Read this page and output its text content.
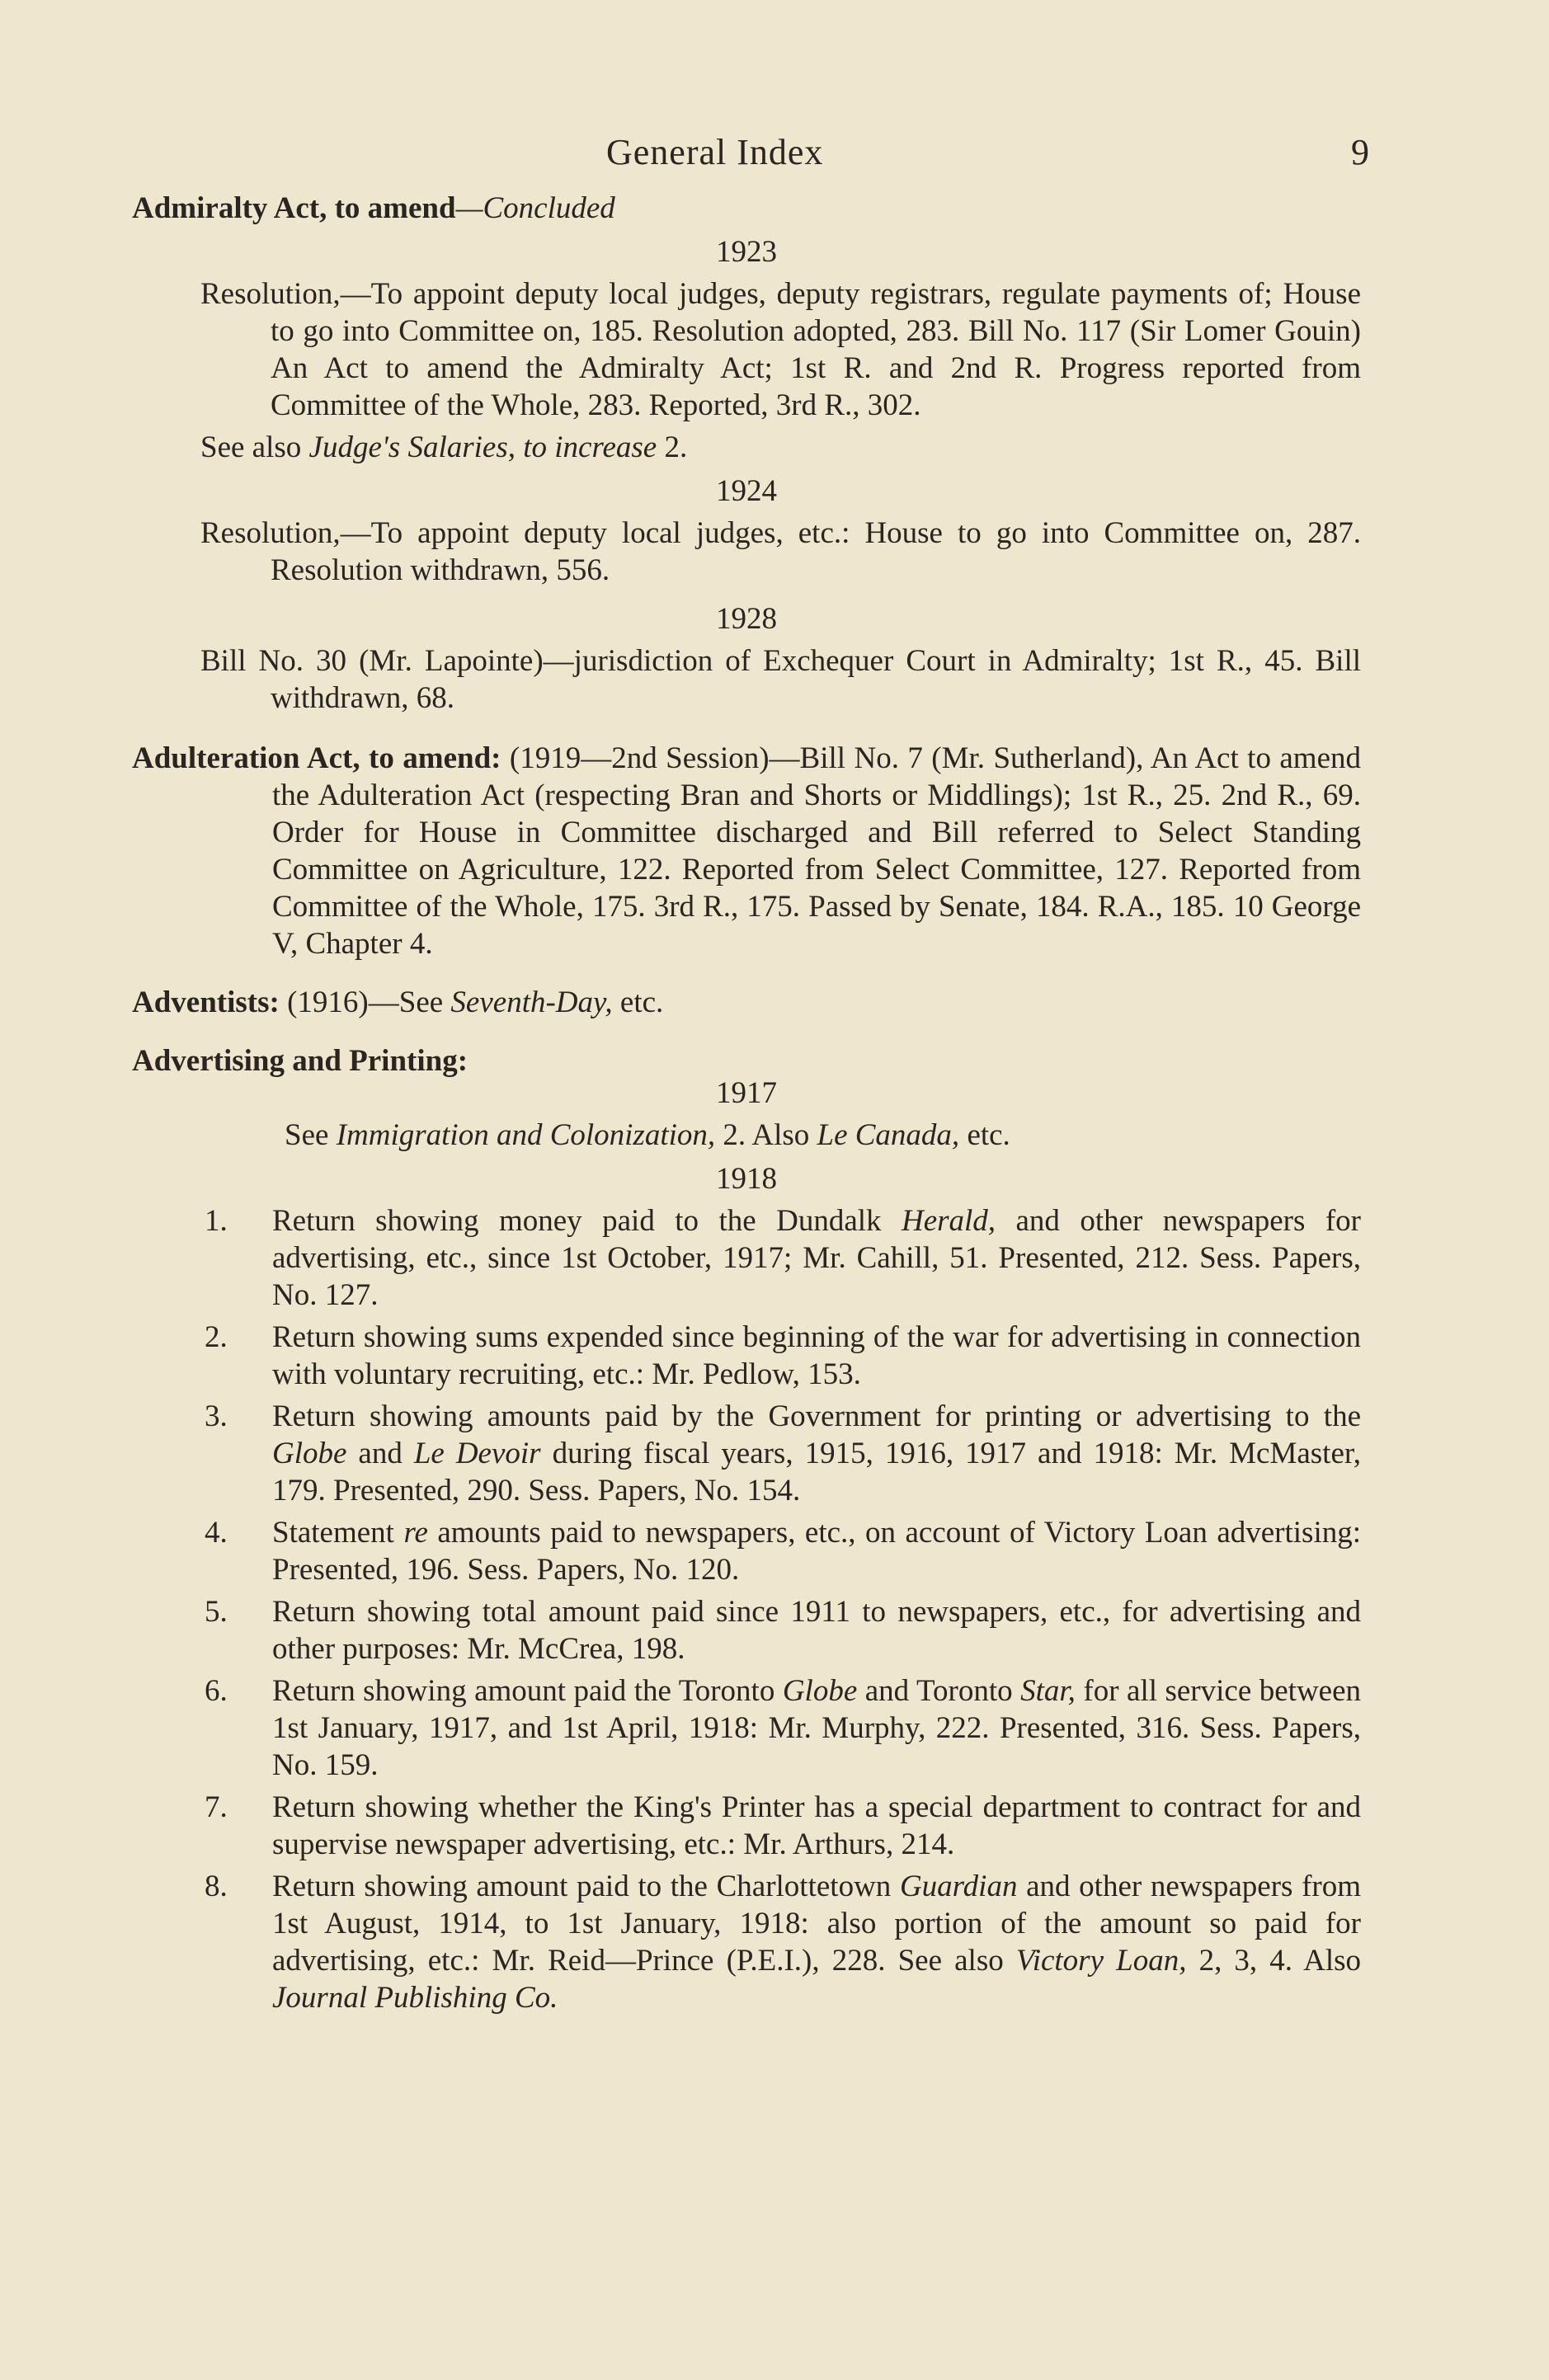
General Index	9

Admiralty Act, to amend—Concluded

1923

Resolution,—To appoint deputy local judges, deputy registrars, regulate payments of; House to go into Committee on, 185. Resolution adopted, 283. Bill No. 117 (Sir Lomer Gouin) An Act to amend the Admiralty Act; 1st R. and 2nd R. Progress reported from Committee of the Whole, 283. Reported, 3rd R., 302.

See also Judge's Salaries, to increase 2.

1924

Resolution,—To appoint deputy local judges, etc.: House to go into Committee on, 287. Resolution withdrawn, 556.

1928

Bill No. 30 (Mr. Lapointe)—jurisdiction of Exchequer Court in Admiralty; 1st R., 45. Bill withdrawn, 68.

Adulteration Act, to amend: (1919—2nd Session)—Bill No. 7 (Mr. Sutherland), An Act to amend the Adulteration Act (respecting Bran and Shorts or Middlings); 1st R., 25. 2nd R., 69. Order for House in Committee discharged and Bill referred to Select Standing Committee on Agriculture, 122. Reported from Select Committee, 127. Reported from Committee of the Whole, 175. 3rd R., 175. Passed by Senate, 184. R.A., 185. 10 George V, Chapter 4.

Adventists: (1916)—See Seventh-Day, etc.

Advertising and Printing:

1917

See Immigration and Colonization, 2. Also Le Canada, etc.

1918
1. Return showing money paid to the Dundalk Herald, and other newspapers for advertising, etc., since 1st October, 1917; Mr. Cahill, 51. Presented, 212. Sess. Papers, No. 127.
2. Return showing sums expended since beginning of the war for advertising in connection with voluntary recruiting, etc.: Mr. Pedlow, 153.
3. Return showing amounts paid by the Government for printing or advertising to the Globe and Le Devoir during fiscal years, 1915, 1916, 1917 and 1918: Mr. McMaster, 179. Presented, 290. Sess. Papers, No. 154.
4. Statement re amounts paid to newspapers, etc., on account of Victory Loan advertising: Presented, 196. Sess. Papers, No. 120.
5. Return showing total amount paid since 1911 to newspapers, etc., for advertising and other purposes: Mr. McCrea, 198.
6. Return showing amount paid the Toronto Globe and Toronto Star, for all service between 1st January, 1917, and 1st April, 1918: Mr. Murphy, 222. Presented, 316. Sess. Papers, No. 159.
7. Return showing whether the King's Printer has a special department to contract for and supervise newspaper advertising, etc.: Mr. Arthurs, 214.
8. Return showing amount paid to the Charlottetown Guardian and other newspapers from 1st August, 1914, to 1st January, 1918: also portion of the amount so paid for advertising, etc.: Mr. Reid—Prince (P.E.I.), 228. See also Victory Loan, 2, 3, 4. Also Journal Publishing Co.
